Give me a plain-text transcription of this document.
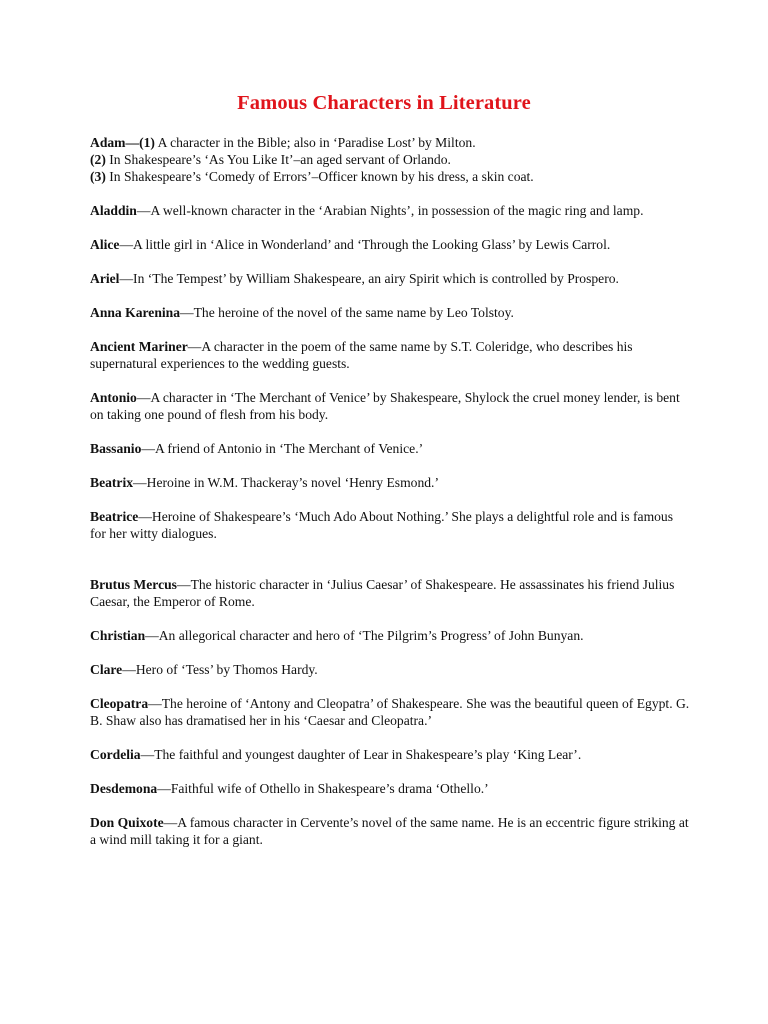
Famous Characters in Literature
Adam—(1) A character in the Bible; also in ‘Paradise Lost’ by Milton.
(2) In Shakespeare’s ‘As You Like It’–an aged servant of Orlando.
(3) In Shakespeare’s ‘Comedy of Errors’–Officer known by his dress, a skin coat.
Aladdin—A well-known character in the ‘Arabian Nights’, in possession of the magic ring and lamp.
Alice—A little girl in ‘Alice in Wonderland’ and ‘Through the Looking Glass’ by Lewis Carrol.
Ariel—In ‘The Tempest’ by William Shakespeare, an airy Spirit which is controlled by Prospero.
Anna Karenina—The heroine of the novel of the same name by Leo Tolstoy.
Ancient Mariner—A character in the poem of the same name by S.T. Coleridge, who describes his supernatural experiences to the wedding guests.
Antonio—A character in ‘The Merchant of Venice’ by Shakespeare, Shylock the cruel money lender, is bent on taking one pound of flesh from his body.
Bassanio—A friend of Antonio in ‘The Merchant of Venice.’
Beatrix—Heroine in W.M. Thackeray’s novel ‘Henry Esmond.’
Beatrice—Heroine of Shakespeare’s ‘Much Ado About Nothing.’ She plays a delightful role and is famous for her witty dialogues.
Brutus Mercus—The historic character in ‘Julius Caesar’ of Shakespeare. He assassinates his friend Julius Caesar, the Emperor of Rome.
Christian—An allegorical character and hero of ‘The Pilgrim’s Progress’ of John Bunyan.
Clare—Hero of ‘Tess’ by Thomos Hardy.
Cleopatra—The heroine of ‘Antony and Cleopatra’ of Shakespeare. She was the beautiful queen of Egypt. G. B. Shaw also has dramatised her in his ‘Caesar and Cleopatra.’
Cordelia—The faithful and youngest daughter of Lear in Shakespeare’s play ‘King Lear’.
Desdemona—Faithful wife of Othello in Shakespeare’s drama ‘Othello.’
Don Quixote—A famous character in Cervente’s novel of the same name. He is an eccentric figure striking at a wind mill taking it for a giant.
